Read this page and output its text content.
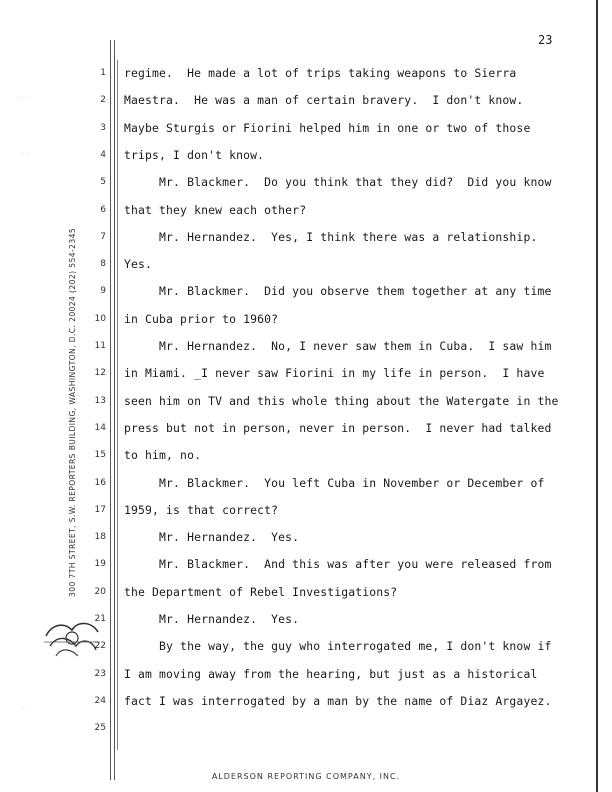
23
300 7TH STREET, S.W. REPORTERS BUILDING, WASHINGTON, D.C. 20024 (202) 554-2345
·˙·˙·
·˙˙·
·˙·
1 regime.  He made a lot of trips taking weapons to Sierra
2 Maestra.  He was a man of certain bravery.  I don't know.
3 Maybe Sturgis or Fiorini helped him in one or two of those
4 trips, I don't know.
5 Mr. Blackmer.  Do you think that they did?  Did you know
6 that they knew each other?
7 Mr. Hernandez.  Yes, I think there was a relationship.
8 Yes.
9 Mr. Blackmer.  Did you observe them together at any time
10 in Cuba prior to 1960?
11 Mr. Hernandez.  No, I never saw them in Cuba.  I saw him
12 in Miami. _I never saw Fiorini in my life in person.  I have
13 seen him on TV and this whole thing about the Watergate in the
14 press but not in person, never in person.  I never had talked
15 to him, no.
16 Mr. Blackmer.  You left Cuba in November or December of
17 1959, is that correct?
18 Mr. Hernandez.  Yes.
19 Mr. Blackmer.  And this was after you were released from
20 the Department of Rebel Investigations?
21 Mr. Hernandez.  Yes.
22 By the way, the guy who interrogated me, I don't know if
23 I am moving away from the hearing, but just as a historical
24 fact I was interrogated by a man by the name of Diaz Argayez.
25
ALDERSON REPORTING COMPANY, INC.
